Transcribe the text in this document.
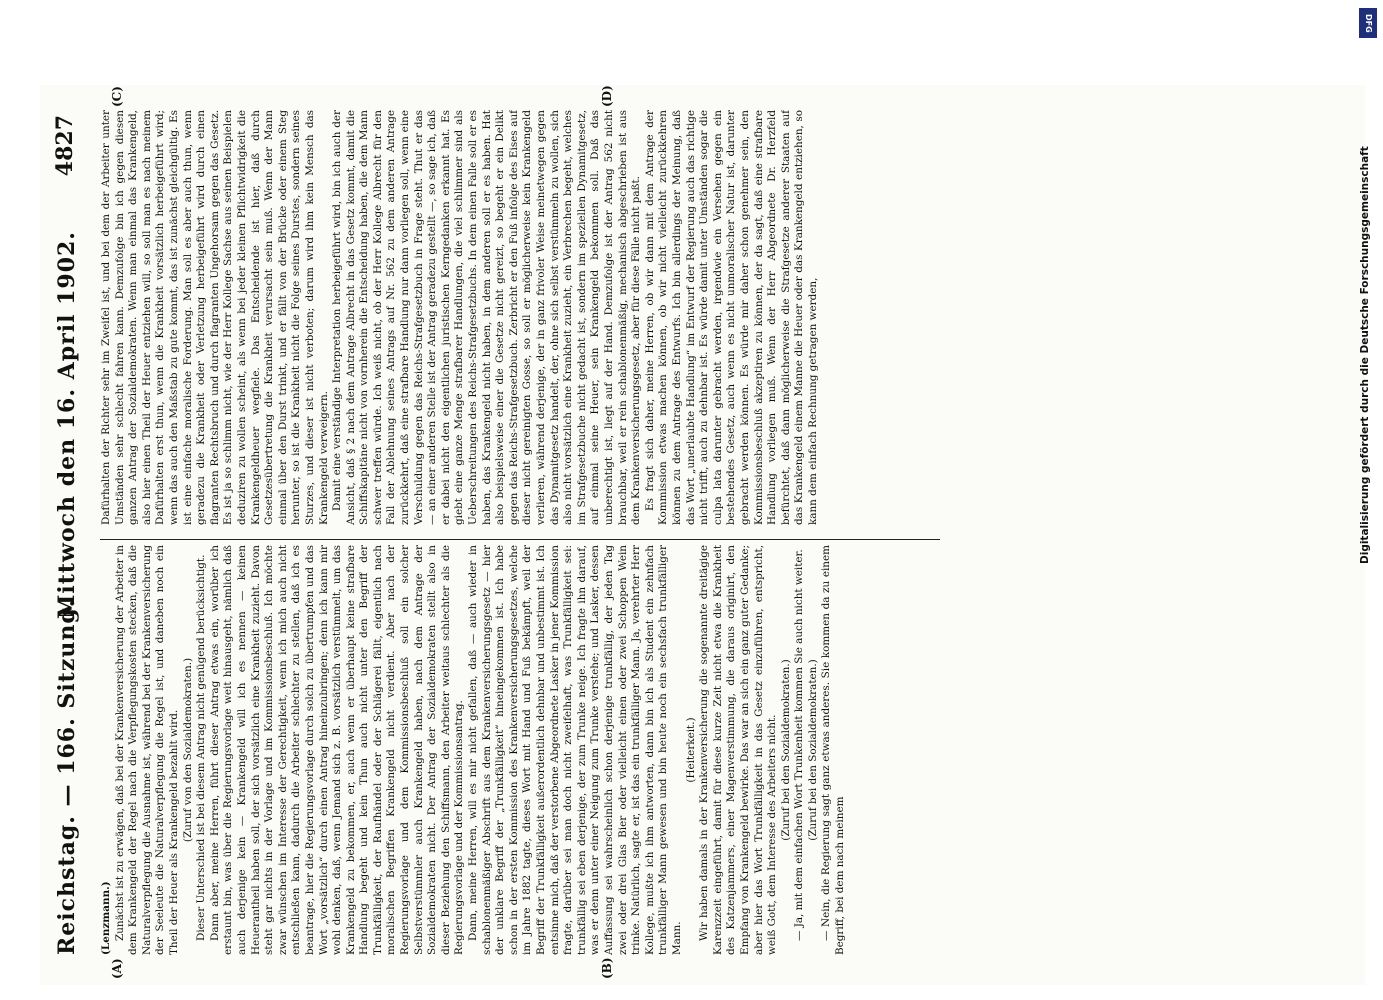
Reichstag. — 166. Sitzung.
Mittwoch den 16. April 1902.
4827
(A)	(B)
(C)	(D)

(Lenzmann.) Zunächst ist zu erwägen, daß bei der Krankenversicherung der Arbeiter in dem Krankengeld der Regel nach die Verpflegungskosten stecken, daß die Naturalverpflegung die Ausnahme ist, während bei der Krankenversicherung der Seeleute die Naturalverpflegung die Regel ist, und daneben noch ein Theil der Heuer als Krankengeld bezahlt wird. (Zuruf von den Sozialdemokraten.) Dieser Unterschied ist bei diesem Antrag nicht genügend berücksichtigt. Dann aber, meine Herren, führt dieser Antrag etwas ein, worüber ich erstaunt bin, was über die Regierungsvorlage weit hinausgeht, nämlich daß auch derjenige kein — Krankengeld will ich es nennen — keinen Heuerantheil haben soll, der sich vorsätzlich eine Krankheit zuzieht. Davon steht gar nichts in der Vorlage und im Kommissionsbeschluß. Ich möchte zwar wünschen im Interesse der Gerechtigkeit, wenn ich mich auch nicht entschließen kann, dadurch die Arbeiter schlechter zu stellen, daß ich es beantrage, hier die Regierungsvorlage durch solch zu übertrumpfen und das Wort „vorsätzlich“ durch einen Antrag hineinzubringen; denn ich kann mir wohl denken, daß, wenn Jemand sich z. B. vorsätzlich verstümmelt, um das Krankengeld zu bekommen, er, auch wenn er überhaupt keine strafbare Handlung begeht und kein Thun auch nicht unter den Begriff der Trunkfälligkeit, der Raufhändel oder der Schlägerei fällt, eigentlich nach moralischen Begriffen Krankengeld nicht verdient. Aber nach der Regierungsvorlage und dem Kommissionsbeschluß soll ein solcher Selbstverstümmler auch Krankengeld haben, nach dem Antrage der Sozialdemokraten nicht. Der Antrag der Sozialdemokraten stellt also in dieser Beziehung den Schiffsmann, den Arbeiter weitaus schlechter als die Regierungsvorlage und der Kommissionsantrag. Dann, meine Herren, will es mir nicht gefallen, daß — auch wieder in schablonenmäßiger Abschrift aus dem Krankenversicherungsgesetz — hier der unklare Begriff der „Trunkfälligkeit“ hineingekommen ist. Ich habe schon in der ersten Kommission des Krankenversicherungsgesetzes, welche im Jahre 1882 tagte, dieses Wort mit Hand und Fuß bekämpft, weil der Begriff der Trunkfälligkeit außerordentlich dehnbar und unbestimmt ist. Ich entsinne mich, daß der verstorbene Abgeordnete Lasker in jener Kommission fragte, darüber sei man doch nicht zweifelhaft, was Trunkfälligkeit sei: trunkfällig sei eben derjenige, der zum Trunke neige. Ich fragte ihn darauf, was er denn unter einer Neigung zum Trunke verstehe; und Lasker, dessen Auffassung sei wahrscheinlich schon derjenige trunkfällig, der jeden Tag zwei oder drei Glas Bier oder vielleicht einen oder zwei Schoppen Wein trinke. Natürlich, sagte er, ist das ein trunkfälliger Mann. Ja, verehrter Herr Kollege, mußte ich ihm antworten, dann bin ich als Student ein zehnfach trunkfälliger Mann gewesen und bin heute noch ein sechsfach trunkfälliger Mann.

(Heiterkeit.) Wir haben damals in der Krankenversicherung die sogenannte dreitägige Karenzzeit eingeführt, damit für diese kurze Zeit nicht etwa die Krankheit des Katzenjammers, einer Magenverstimmung, die daraus originirt, den Empfang von Krankengeld bewirke. Das war an sich ein ganz guter Gedanke; aber hier das Wort Trunkfälligkeit in das Gesetz einzuführen, entspricht, weiß Gott, dem Interesse des Arbeiters nicht. (Zuruf bei den Sozialdemokraten.) — Ja, mit dem einfachen Wort Trunkenheit kommen Sie auch nicht weiter. (Zuruf bei den Sozialdemokraten.) — Nein, die Regierung sagt ganz etwas anderes. Sie kommen da zu einem Begriff, bei dem nach meinem

Dafürhalten der Richter sehr im Zweifel ist, und bei dem der Arbeiter unter Umständen sehr schlecht fahren kann. Demzufolge bin ich gegen diesen ganzen Antrag der Sozialdemokraten. Wenn man einmal das Krankengeld, also hier einen Theil der Heuer entziehen will, so soll man es nach meinem Dafürhalten erst thun, wenn die Krankheit vorsätzlich herbeigeführt wird; wenn das auch den Maßstab zu gute kommt, das ist zunächst gleichgültig. Es ist eine einfache moralische Forderung. Man soll es aber auch thun, wenn geradezu die Krankheit oder Verletzung herbeigeführt wird durch einen flagranten Rechtsbruch und durch flagranten Ungehorsam gegen das Gesetz. Es ist ja so schlimm nicht, wie der Herr Kollege Sachse aus seinen Beispielen deduziren zu wollen scheint, als wenn bei jeder kleinen Pflichtwidrigkeit die Krankengeldheuer wegfiele. Das Entscheidende ist hier, daß durch Gesetzesübertretung die Krankheit verursacht sein muß. Wenn der Mann einmal über den Durst trinkt, und er fällt von der Brücke oder einem Steg herunter, so ist die Krankheit nicht die Folge seines Durstes, sondern seines Sturzes, und dieser ist nicht verboten; darum wird ihm kein Mensch das Krankengeld verweigern. Damit eine verständige Interpretation herbeigeführt wird, bin ich auch der Ansicht, daß § 2 nach dem Antrage Albrecht in das Gesetz kommt, damit die Schiffskapitäne nicht von vornherein die Entscheidung haben, die dem Mann schwer treffen würde. Ich weiß nicht, ob der Herr Kollege Albrecht für den Fall der Ablehnung seines Antrags auf Nr. 562 zu dem anderen Antrage zurückkehrt, daß eine strafbare Handlung nur dann vorliegen soll, wenn eine Verschuldung gegen das Reichs-Strafgesetzbuch in Frage steht. Thut er das — an einer anderen Stelle ist der Antrag geradezu gestellt —, so sage ich, daß er dabei nicht den eigentlichen juristischen Kerngedanken erkannt hat. Es giebt eine ganze Menge strafbarer Handlungen, die viel schlimmer sind als Ueberschreitungen des Reichs-Strafgesetzbuchs. In dem einen Falle soll er es haben, das Krankengeld nicht haben, in dem anderen soll er es haben. Hat also beispielsweise einer die Gesetze nicht gereizt, so begeht er ein Delikt gegen das Reichs-Strafgesetzbuch. Zerbricht er den Fuß infolge des Eises auf dieser nicht gereinigten Gosse, so soll er möglicherweise kein Krankengeld verlieren, während derjenige, der in ganz frivoler Weise meinetwegen gegen das Dynamitgesetz handelt, der, ohne sich selbst verstümmeln zu wollen, sich also nicht vorsätzlich eine Krankheit zuzieht, ein Verbrechen begeht, welches im Strafgesetzbuche nicht gedacht ist, sondern im speziellen Dynamitgesetz, auf einmal seine Heuer, sein Krankengeld bekommen soll. Daß das unberechtigt ist, liegt auf der Hand. Demzufolge ist der Antrag 562 nicht brauchbar, weil er rein schablonenmäßig, mechanisch abgeschrieben ist aus dem Krankenversicherungsgesetz, aber für diese Fälle nicht paßt. Es fragt sich daher, meine Herren, ob wir dann mit dem Antrage der Kommission etwas machen können, ob wir nicht vielleicht zurückkehren können zu dem Antrage des Entwurfs. Ich bin allerdings der Meinung, daß das Wort „unerlaubte Handlung“ im Entwurf der Regierung auch das richtige nicht trifft, auch zu dehnbar ist. Es würde damit unter Umständen sogar die culpa lata darunter gebracht werden, irgendwie ein Versehen gegen ein bestehendes Gesetz, auch wenn es nicht unmoralischer Natur ist, darunter gebracht werden können. Es würde mir daher schon genehmer sein, den Kommissionsbeschluß akzeptiren zu können, der da sagt, daß eine strafbare Handlung vorliegen muß. Wenn der Herr Abgeordnete Dr. Herzfeld befürchtet, daß dann möglicherweise die Strafgesetze anderer Staaten auf das Krankengeld einem Manne die Heuer oder das Krankengeld entziehen, so kann dem einfach Rechnung getragen werden,

DFG
Digitalisierung gefördert durch die Deutsche Forschungsgemeinschaft
